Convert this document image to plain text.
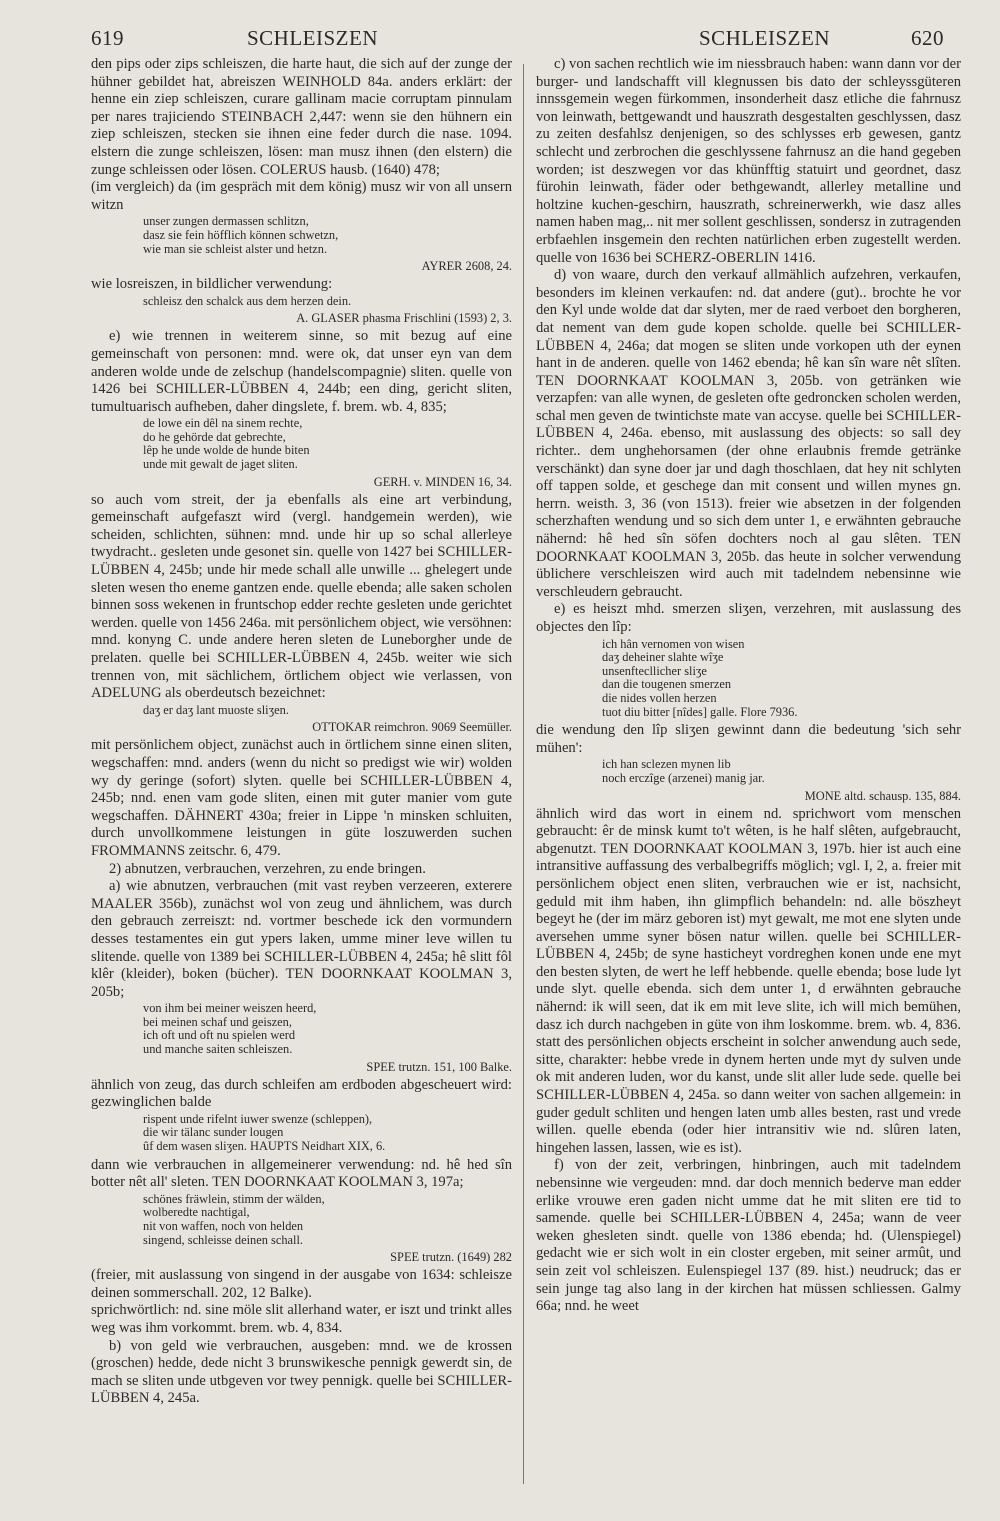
619	SCHLEISZEN	SCHLEISZEN	620

den pips oder zips schleiszen, die harte haut, die sich auf der zunge der hühner gebildet hat, abreiszen WEINHOLD 84a. anders erklärt: der henne ein ziep schleiszen, curare gallinam macie corruptam pinnulam per nares trajiciendo STEINBACH 2,447: wenn sie den hühnern ein ziep schleiszen, stecken sie ihnen eine feder durch die nase. 1094. elstern die zunge schleiszen, lösen: man musz ihnen (den elstern) die zunge schleissen oder lösen. COLERUS hausb. (1640) 478;

(im vergleich) da (im gespräch mit dem könig) musz wir von all unsern witzn

unser zungen dermassen schlitzn,
dasz sie fein höfflich können schwetzn,
wie man sie schleist alster und hetzn.
AYRER 2608, 24.

wie losreiszen, in bildlicher verwendung:

schleisz den schalck aus dem herzen dein.
A. GLASER phasma Frischlini (1593) 2, 3.

e) wie trennen in weiterem sinne, so mit bezug auf eine gemeinschaft von personen: mnd. were ok, dat unser eyn van dem anderen wolde unde de zelschup (handelscompagnie) sliten. quelle von 1426 bei SCHILLER-LÜBBEN 4, 244b; een ding, gericht sliten, tumultuarisch aufheben, daher dingslete, f. brem. wb. 4, 835;

de lowe ein dêl na sinem rechte,
do he gehörde dat gebrechte,
lêp he unde wolde de hunde biten
unde mit gewalt de jaget sliten.
GERH. v. MINDEN 16, 34.

so auch vom streit, der ja ebenfalls als eine art verbindung, gemeinschaft aufgefaszt wird (vergl. handgemein werden), wie scheiden, schlichten, sühnen: mnd. unde hir up so schal allerleye twydracht.. gesleten unde gesonet sin. quelle von 1427 bei SCHILLER-LÜBBEN 4, 245b; unde hir mede schall alle unwille ... ghelegert unde sleten wesen tho eneme gantzen ende. quelle ebenda; alle saken scholen binnen soss wekenen in fruntschop edder rechte gesleten unde gerichtet werden. quelle von 1456 246a. mit persönlichem object, wie versöhnen: mnd. konyng C. unde andere heren sleten de Luneborgher unde de prelaten. quelle bei SCHILLER-LÜBBEN 4, 245b. weiter wie sich trennen von, mit sächlichem, örtlichem object wie verlassen, von ADELUNG als oberdeutsch bezeichnet:

daʒ er daʒ lant muoste sliʒen.
OTTOKAR reimchron. 9069 Seemüller.

mit persönlichem object, zunächst auch in örtlichem sinne einen sliten, wegschaffen: mnd. anders (wenn du nicht so predigst wie wir) wolden wy dy geringe (sofort) slyten. quelle bei SCHILLER-LÜBBEN 4, 245b; nnd. enen vam gode sliten, einen mit guter manier vom gute wegschaffen. DÄHNERT 430a; freier in Lippe 'n minsken schluiten, durch unvollkommene leistungen in güte loszuwerden suchen FROMMANNS zeitschr. 6, 479.

2) abnutzen, verbrauchen, verzehren, zu ende bringen.

a) wie abnutzen, verbrauchen (mit vast reyben verzeeren, exterere MAALER 356b), zunächst wol von zeug und ähnlichem, was durch den gebrauch zerreiszt: nd. vortmer beschede ick den vormundern desses testamentes ein gut ypers laken, umme miner leve willen tu slitende. quelle von 1389 bei SCHILLER-LÜBBEN 4, 245a; hê slitt fôl klêr (kleider), boken (bücher). TEN DOORNKAAT KOOLMAN 3, 205b;

von ihm bei meiner weiszen heerd,
bei meinen schaf und geiszen,
ich oft und oft nu spielen werd
und manche saiten schleiszen.
SPEE trutzn. 151, 100 Balke.

ähnlich von zeug, das durch schleifen am erdboden abgescheuert wird: gezwinglichen balde

rispent unde rifelnt iuwer swenze (schleppen),
die wir tälanc sunder lougen
ûf dem wasen sliʒen. HAUPTS Neidhart XIX, 6.

dann wie verbrauchen in allgemeinerer verwendung: nd. hê hed sîn botter nêt all' sleten. TEN DOORNKAAT KOOLMAN 3, 197a;

schönes fräwlein, stimm der wälden,
wolberedte nachtigal,
nit von waffen, noch von helden
singend, schleisse deinen schall.
SPEE trutzn. (1649) 282

(freier, mit auslassung von singend in der ausgabe von 1634: schleisze deinen sommerschall. 202, 12 Balke).

sprichwörtlich: nd. sine möle slit allerhand water, er iszt und trinkt alles weg was ihm vorkommt. brem. wb. 4, 834.

b) von geld wie verbrauchen, ausgeben: mnd. we de krossen (groschen) hedde, dede nicht 3 brunswikesche pennigk gewerdt sin, de mach se sliten unde utbgeven vor twey pennigk. quelle bei SCHILLER-LÜBBEN 4, 245a.

c) von sachen rechtlich wie im niessbrauch haben: wann dann vor der burger- und landschafft vill klegnussen bis dato der schleyssgüteren innssgemein wegen fürkommen, insonderheit dasz etliche die fahrnusz von leinwath, bettgewandt und hauszrath desgestalten geschlyssen, dasz zu zeiten desfahlsz denjenigen, so des schlysses erb gewesen, gantz schlecht und zerbrochen die geschlyssene fahrnusz an die hand gegeben worden; ist deszwegen vor das khünfftig statuirt und geordnet, dasz fürohin leinwath, fäder oder bethgewandt, allerley metalline und holtzine kuchen-geschirn, hauszrath, schreinerwerkh, wie dasz alles namen haben mag,.. nit mer sollent geschlissen, sondersz in zutragenden erbfaehlen insgemein den rechten natürlichen erben zugestellt werden. quelle von 1636 bei SCHERZ-OBERLIN 1416.

d) von waare, durch den verkauf allmählich aufzehren, verkaufen, besonders im kleinen verkaufen: nd. dat andere (gut).. brochte he vor den Kyl unde wolde dat dar slyten, mer de raed verboet den borgheren, dat nement van dem gude kopen scholde. quelle bei SCHILLER-LÜBBEN 4, 246a; dat mogen se sliten unde vorkopen uth der eynen hant in de anderen. quelle von 1462 ebenda; hê kan sîn ware nêt slîten. TEN DOORNKAAT KOOLMAN 3, 205b. von getränken wie verzapfen: van alle wynen, de gesleten ofte gedroncken scholen werden, schal men geven de twintichste mate van accyse. quelle bei SCHILLER-LÜBBEN 4, 246a. ebenso, mit auslassung des objects: so sall dey richter.. dem unghehorsamen (der ohne erlaubnis fremde getränke verschänkt) dan syne doer jar und dagh thoschlaen, dat hey nit schlyten off tappen solde, et geschege dan mit consent und willen mynes gn. herrn. weisth. 3, 36 (von 1513). freier wie absetzen in der folgenden scherzhaften wendung und so sich dem unter 1, e erwähnten gebrauche nähernd: hê hed sîn söfen dochters noch al gau slêten. TEN DOORNKAAT KOOLMAN 3, 205b. das heute in solcher verwendung üblichere verschleiszen wird auch mit tadelndem nebensinne wie verschleudern gebraucht.

e) es heiszt mhd. smerzen sliʒen, verzehren, mit auslassung des objectes den lîp:

ich hân vernomen von wisen
daʒ deheiner slahte wîʒe
unsenftecllicher sliʒe
dan die tougenen smerzen
die nides vollen herzen
tuot diu bitter [nîdes] galle. Flore 7936.

die wendung den lîp sliʒen gewinnt dann die bedeutung 'sich sehr mühen':

ich han sclezen mynen lib
noch erczîge (arzenei) manig jar.
MONE altd. schausp. 135, 884.

ähnlich wird das wort in einem nd. sprichwort vom menschen gebraucht: êr de minsk kumt to't wêten, is he half slêten, aufgebraucht, abgenutzt. TEN DOORNKAAT KOOLMAN 3, 197b. hier ist auch eine intransitive auffassung des verbalbegriffs möglich; vgl. I, 2, a. freier mit persönlichem object enen sliten, verbrauchen wie er ist, nachsicht, geduld mit ihm haben, ihn glimpflich behandeln: nd. alle böszheyt begeyt he (der im märz geboren ist) myt gewalt, me mot ene slyten unde aversehen umme syner bösen natur willen. quelle bei SCHILLER-LÜBBEN 4, 245b; de syne hasticheyt vordreghen konen unde ene myt den besten slyten, de wert he leff hebbende. quelle ebenda; bose lude lyt unde slyt. quelle ebenda. sich dem unter 1, d erwähnten gebrauche nähernd: ik will seen, dat ik em mit leve slite, ich will mich bemühen, dasz ich durch nachgeben in güte von ihm loskomme. brem. wb. 4, 836. statt des persönlichen objects erscheint in solcher anwendung auch sede, sitte, charakter: hebbe vrede in dynem herten unde myt dy sulven unde ok mit anderen luden, wor du kanst, unde slit aller lude sede. quelle bei SCHILLER-LÜBBEN 4, 245a. so dann weiter von sachen allgemein: in guder gedult schliten und hengen laten umb alles besten, rast und vrede willen. quelle ebenda (oder hier intransitiv wie nd. slûren laten, hingehen lassen, lassen, wie es ist).

f) von der zeit, verbringen, hinbringen, auch mit tadelndem nebensinne wie vergeuden: mnd. dar doch mennich bederve man edder erlike vrouwe eren gaden nicht umme dat he mit sliten ere tid to samende. quelle bei SCHILLER-LÜBBEN 4, 245a; wann de veer weken ghesleten sindt. quelle von 1386 ebenda; hd. (Ulenspiegel) gedacht wie er sich wolt in ein closter ergeben, mit seiner armût, und sein zeit vol schleiszen. Eulenspiegel 137 (89. hist.) neudruck; das er sein junge tag also lang in der kirchen hat müssen schliessen. Galmy 66a; nnd. he weet
